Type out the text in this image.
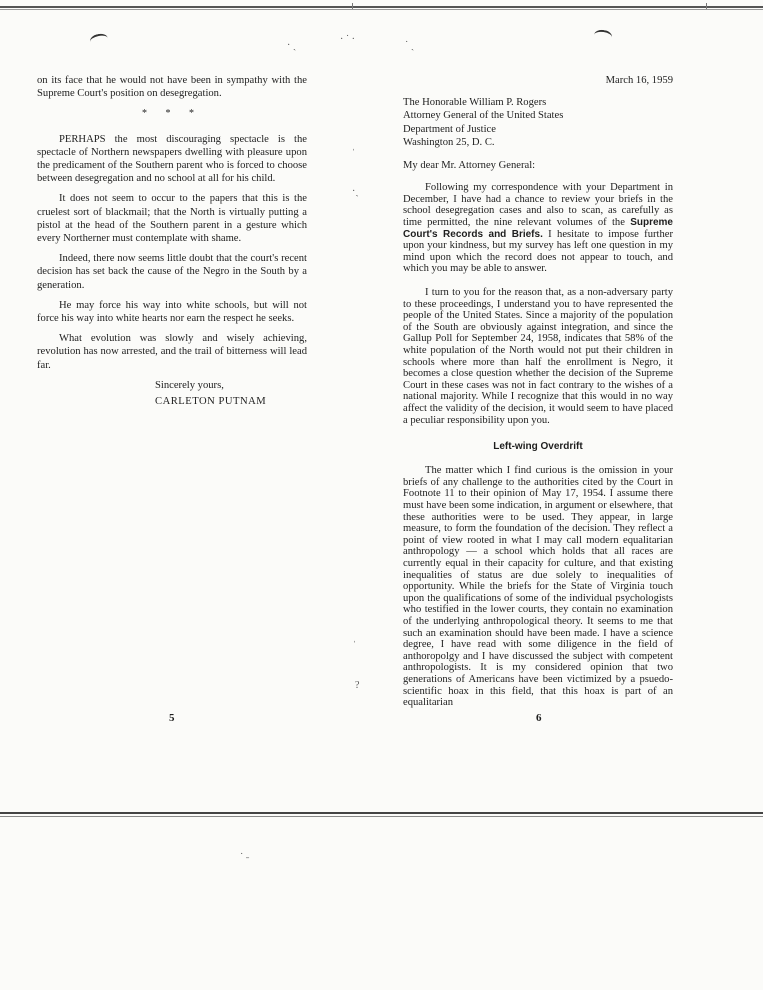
· ˏ
· ˙ ·
˙ ˏ
ˈ
·ˏ
ˈ
?
˙ ˗

on its face that he would not have been in sympathy with the Supreme Court's position on desegregation.

* * *

PERHAPS the most discouraging spectacle is the spectacle of Northern newspapers dwelling with pleasure upon the predicament of the Southern parent who is forced to choose between desegregation and no school at all for his child.

It does not seem to occur to the papers that this is the cruelest sort of blackmail; that the North is virtually putting a pistol at the head of the Southern parent in a gesture which every Northerner must contemplate with shame.

Indeed, there now seems little doubt that the court's recent decision has set back the cause of the Negro in the South by a generation.

He may force his way into white schools, but will not force his way into white hearts nor earn the respect he seeks.

What evolution was slowly and wisely achieving, revolution has now arrested, and the trail of bitterness will lead far.

Sincerely yours,

CARLETON PUTNAM
5

March 16, 1959

The Honorable William P. Rogers

Attorney General of the United States

Department of Justice

Washington 25, D. C.

My dear Mr. Attorney General:

Following my correspondence with your Department in December, I have had a chance to review your briefs in the school desegregation cases and also to scan, as carefully as time permitted, the nine relevant volumes of the Supreme Court's Records and Briefs. I hesitate to impose further upon your kindness, but my survey has left one question in my mind upon which the record does not appear to touch, and which you may be able to answer.

I turn to you for the reason that, as a non-adversary party to these proceedings, I understand you to have represented the people of the United States. Since a majority of the population of the South are obviously against integration, and since the Gallup Poll for September 24, 1958, indicates that 58% of the white population of the North would not put their children in schools where more than half the enrollment is Negro, it becomes a close question whether the decision of the Supreme Court in these cases was not in fact contrary to the wishes of a national majority. While I recognize that this would in no way affect the validity of the decision, it would seem to have placed a peculiar responsibility upon you.

Left-wing Overdrift

The matter which I find curious is the omission in your briefs of any challenge to the authorities cited by the Court in Footnote 11 to their opinion of May 17, 1954. I assume there must have been some indication, in argument or elsewhere, that these authorities were to be used. They appear, in large measure, to form the foundation of the decision. They reflect a point of view rooted in what I may call modern equalitarian anthropology — a school which holds that all races are currently equal in their capacity for culture, and that existing inequalities of status are due solely to inequalities of opportunity. While the briefs for the State of Virginia touch upon the qualifications of some of the individual psychologists who testified in the lower courts, they contain no examination of the underlying anthropological theory. It seems to me that such an examination should have been made. I have a science degree, I have read with some diligence in the field of anthoropolgy and I have discussed the subject with competent anthropologists. It is my considered opinion that two generations of Americans have been victimized by a psuedo-scientific hoax in this field, that this hoax is part of an equalitarian

6
